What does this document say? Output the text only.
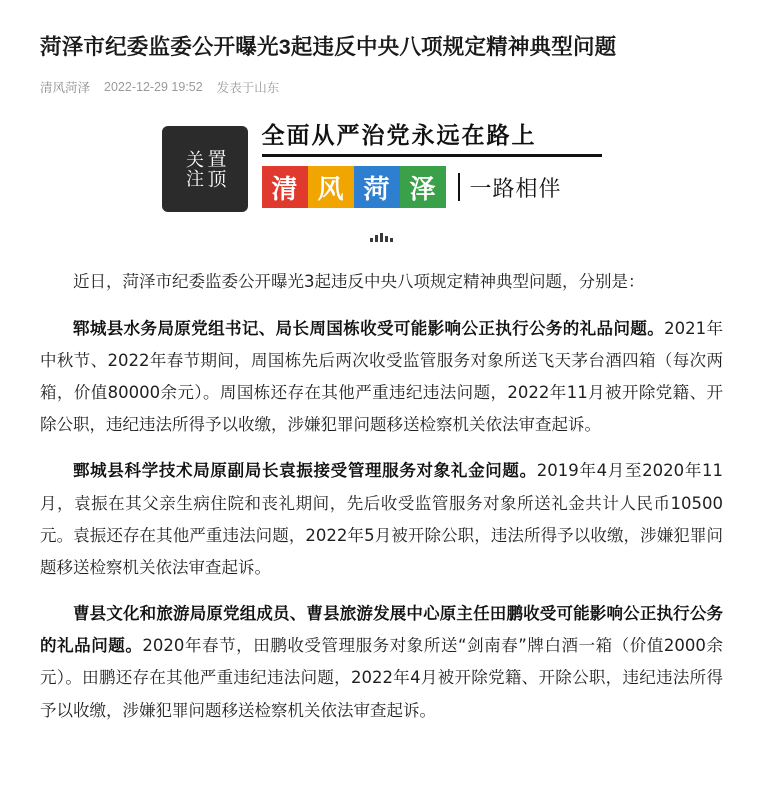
菏泽市纪委监委公开曝光3起违反中央八项规定精神典型问题
清风菏泽 2022-12-29 19:52 发表于山东
关注
置顶
全面从严治党永远在路上
清 风 菏 泽	一路相伴

近日，菏泽市纪委监委公开曝光3起违反中央八项规定精神典型问题，分别是：

郓城县水务局原党组书记、局长周国栋收受可能影响公正执行公务的礼品问题。2021年中秋节、2022年春节期间，周国栋先后两次收受监管服务对象所送飞天茅台酒四箱（每次两箱，价值80000余元）。周国栋还存在其他严重违纪违法问题，2022年11月被开除党籍、开除公职，违纪违法所得予以收缴，涉嫌犯罪问题移送检察机关依法审查起诉。

鄄城县科学技术局原副局长袁振接受管理服务对象礼金问题。2019年4月至2020年11月，袁振在其父亲生病住院和丧礼期间，先后收受监管服务对象所送礼金共计人民币10500元。袁振还存在其他严重违法问题，2022年5月被开除公职，违法所得予以收缴，涉嫌犯罪问题移送检察机关依法审查起诉。

曹县文化和旅游局原党组成员、曹县旅游发展中心原主任田鹏收受可能影响公正执行公务的礼品问题。2020年春节，田鹏收受管理服务对象所送“剑南春”牌白酒一箱（价值2000余元）。田鹏还存在其他严重违纪违法问题，2022年4月被开除党籍、开除公职，违纪违法所得予以收缴，涉嫌犯罪问题移送检察机关依法审查起诉。
